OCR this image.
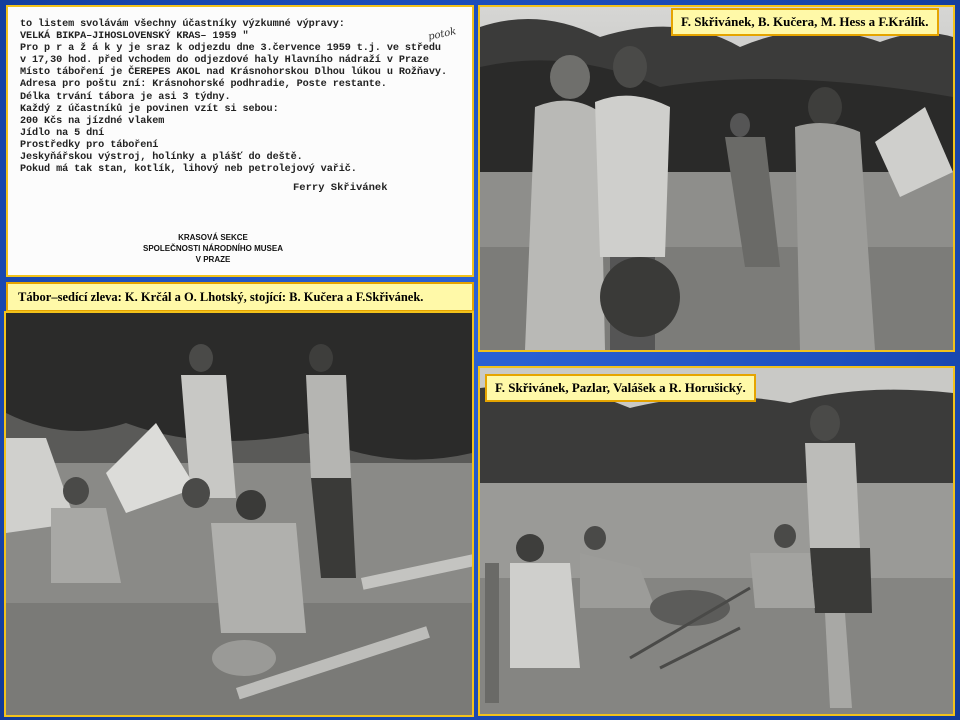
to listem svolávám všechny účastníky výzkumné výpravy:
VELKÁ BIKPA–JIHOSLOVENSKÝ KRAS– 1959 "
Pro p r a ž á k y je sraz k odjezdu dne 3.července 1959 t.j. ve středu
v 17,30 hod. před vchodem do odjezdové haly Hlavního nádraží v Praze
Místo táboření je ČEREPES AKOL nad Krásnohorskou Dlhou lúkou u Rožňavy.
Adresa pro poštu zní: Krásnohorské podhradie, Poste restante.
Délka trvání tábora je asi 3 týdny.
Každý z účastníků je povinen vzít si sebou:
200 Kčs na jízdné vlakem
Jídlo na 5 dní
Prostředky pro táboření
Jeskyňářskou výstroj, holínky a plášť do deště.
Pokud má tak stan, kotlík, lihový neb petrolejový vařič.
potok
Ferry Skřivánek
KRASOVÁ SEKCE
SPOLEČNOSTI NÁRODNÍHO MUSEA
V PRAZE
Tábor–sedící zleva: K. Krčál a O. Lhotský, stojící: B. Kučera a F.Skřivánek.
F. Skřivánek, B. Kučera, M. Hess a F.Králík.
F. Skřivánek, Pazlar, Valášek a R. Horušický.
